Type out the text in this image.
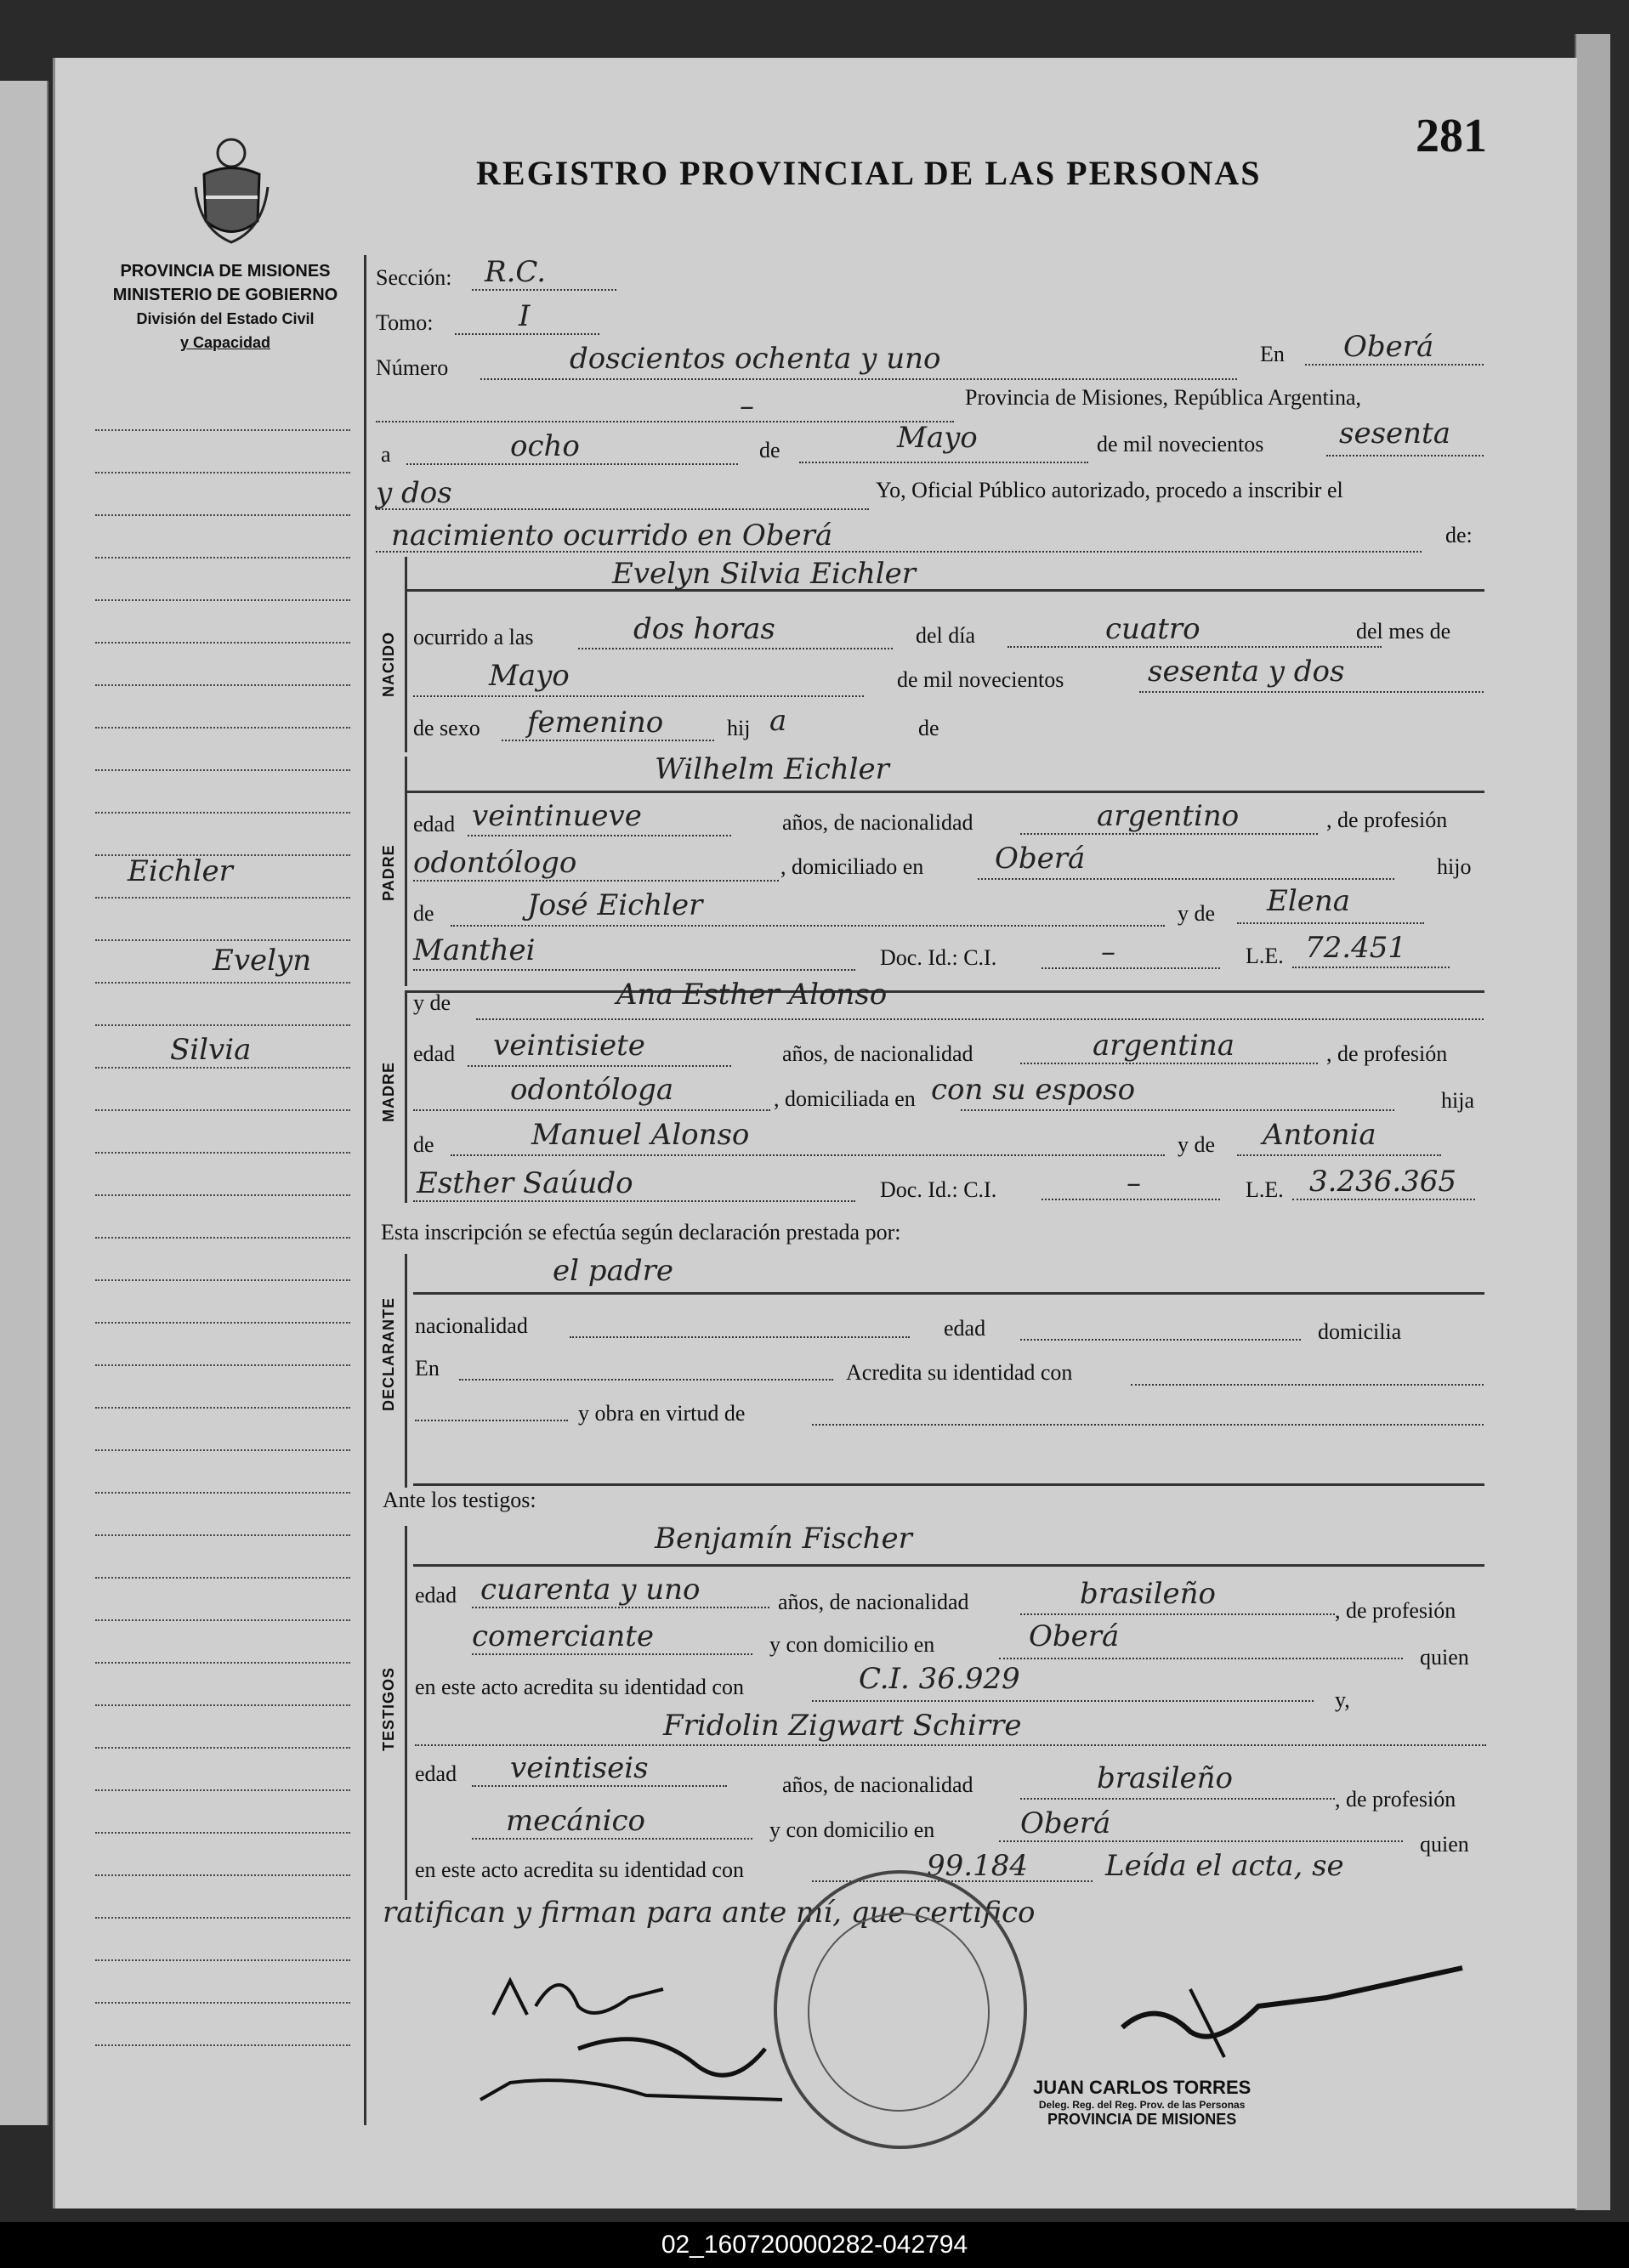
REGISTRO PROVINCIAL DE LAS PERSONAS
281
PROVINCIA DE MISIONES
MINISTERIO DE GOBIERNO
División del Estado Civil
y Capacidad
Eichler
Evelyn
Silvia
Sección: R.C.
Tomo:	I
Número	doscientos ochenta y uno	En Oberá
–	Provincia de Misiones, República Argentina,
a	ocho	de	Mayo	de mil novecientos	sesenta
y dos	Yo, Oficial Público autorizado, procedo a inscribir el
nacimiento ocurrido en Oberá	de:
NACIDO
Evelyn Silvia Eichler
ocurrido a las	dos horas	del día	cuatro	del mes de
Mayo	de mil novecientos	sesenta y dos
de sexo femenino	hij a	de
PADRE
Wilhelm Eichler
edad veintinueve	años, de nacionalidad	argentino	, de profesión
odontólogo	, domiciliado en Oberá	hijo
de	José Eichler	y de Elena
Manthei	Doc. Id.: C.I.	–	L.E. 72.451
MADRE
y de	Ana Esther Alonso
edad veintisiete	años, de nacionalidad	argentina	, de profesión
odontóloga	, domiciliada en con su esposo	hija
de	Manuel Alonso	y de Antonia
Esther Saúudo	Doc. Id.: C.I.	–	L.E. 3.236.365
Esta inscripción se efectúa según declaración prestada por:
DECLARANTE
el padre
nacionalidad	edad	domicilia
En	Acredita su identidad con
y obra en virtud de
Ante los testigos:
TESTIGOS
Benjamín Fischer
edad cuarenta y uno	años, de nacionalidad	brasileño	, de profesión
comerciante	y con domicilio en	Oberá
quien
en este acto acredita su identidad con	C.I. 36.929
y,
Fridolin Zigwart Schirre
edad veintiseis	años, de nacionalidad	brasileño
, de profesión
mecánico	y con domicilio en	Oberá
quien
en este acto acredita su identidad con	99.184	Leída el acta, se
ratifican y firman para ante mí, que certifico
JUAN CARLOS TORRES
Deleg. Reg. del Reg. Prov. de las Personas
PROVINCIA DE MISIONES
02_160720000282-042794
